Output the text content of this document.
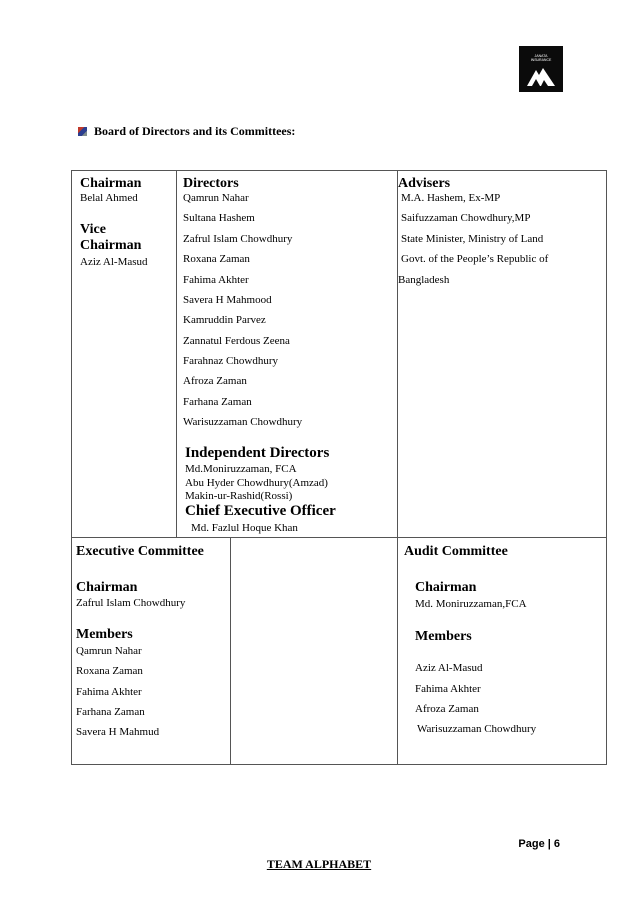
JANATA
INSURANCE
Board of Directors and its Committees:
Chairman
Belal Ahmed
Vice
Chairman
Aziz Al-Masud
Directors
Qamrun Nahar
Sultana Hashem
Zafrul Islam Chowdhury
Roxana Zaman
Fahima Akhter
Savera H Mahmood
Kamruddin Parvez
Zannatul Ferdous Zeena
Farahnaz Chowdhury
Afroza Zaman
Farhana Zaman
Warisuzzaman Chowdhury
Independent Directors
Md.Moniruzzaman, FCA
Abu Hyder Chowdhury(Amzad)
Makin-ur-Rashid(Rossi)
Chief Executive Officer
Md. Fazlul Hoque Khan
Advisers
M.A. Hashem, Ex-MP
Saifuzzaman Chowdhury,MP
State Minister, Ministry of Land
Govt. of the People’s Republic of
Bangladesh
Executive Committee
Chairman
Zafrul Islam Chowdhury
Members
Qamrun Nahar
Roxana Zaman
Fahima Akhter
Farhana Zaman
Savera H Mahmud
Audit Committee
Chairman
Md. Moniruzzaman,FCA
Members
Aziz Al-Masud
Fahima Akhter
Afroza Zaman
Warisuzzaman Chowdhury
Page | 6
TEAM ALPHABET
